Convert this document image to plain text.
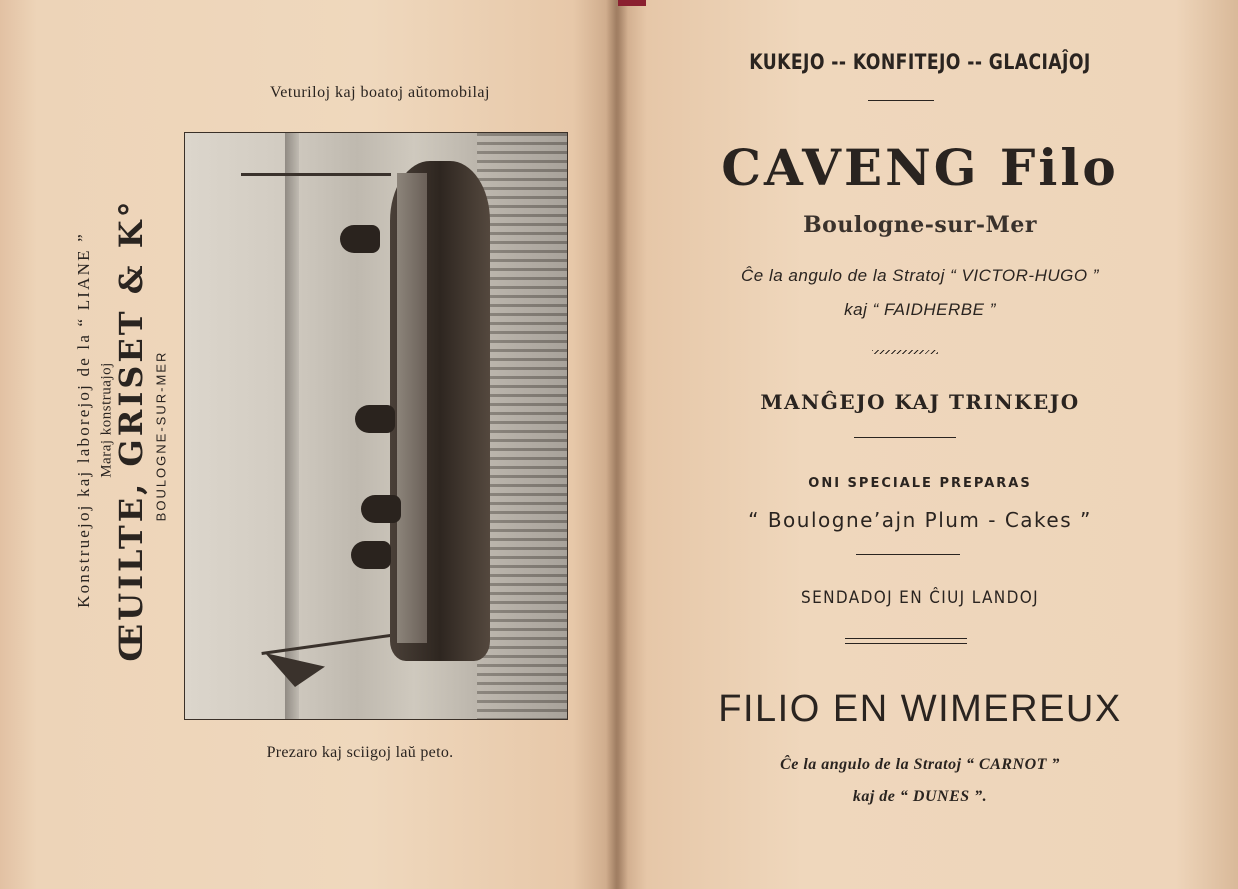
Veturiloj kaj boatoj aŭtomobilaj
Prezaro kaj sciigoj laŭ peto.
Konstruejoj kaj laborejoj de la “ LIANE ” Maraj konstruajoj
ŒUILTE, GRISET & K° BOULOGNE-SUR-MER
KUKEJO -- KONFITEJO -- GLACIAĴOJ
CAVENG Filo
Boulogne-sur-Mer
Ĉe la angulo de la Stratoj “ VICTOR-HUGO ”
kaj “ FAIDHERBE ”
MANĜEJO KAJ TRINKEJO
ONI SPECIALE PREPARAS
“ Boulogne’ajn Plum - Cakes ”
SENDADOJ EN ĈIUJ LANDOJ
FILIO EN WIMEREUX
Ĉe la angulo de la Stratoj “ CARNOT ”
kaj de “ DUNES ”.
